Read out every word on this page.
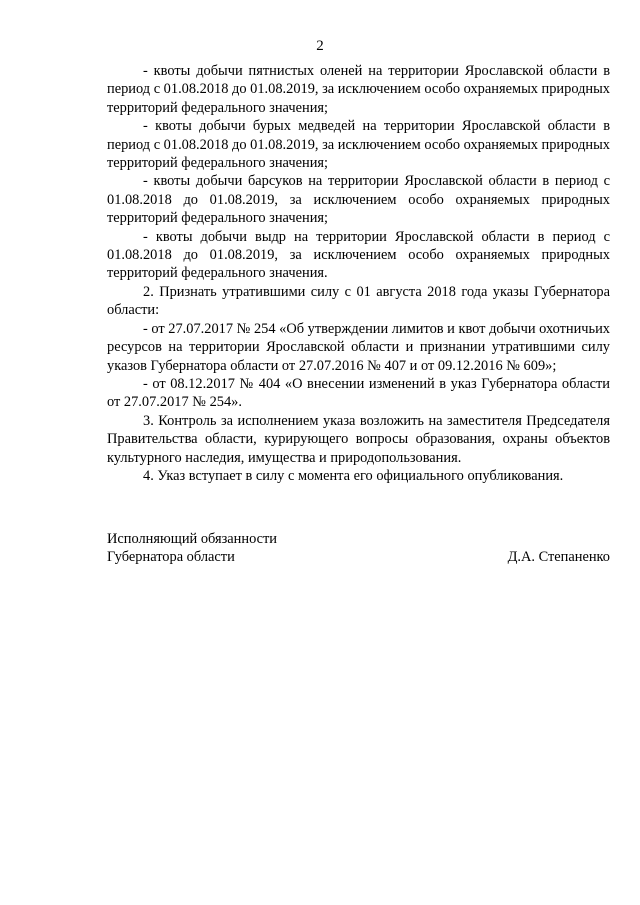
2

- квоты добычи пятнистых оленей на территории Ярославской области в период с 01.08.2018 до 01.08.2019, за исключением особо охраняемых природных территорий федерального значения;

- квоты добычи бурых медведей на территории Ярославской области в период с 01.08.2018 до 01.08.2019, за исключением особо охраняемых природных территорий федерального значения;

- квоты добычи барсуков на территории Ярославской области в период с 01.08.2018 до 01.08.2019, за исключением особо охраняемых природных территорий федерального значения;

- квоты добычи выдр на территории Ярославской области в период с 01.08.2018 до 01.08.2019, за исключением особо охраняемых природных территорий федерального значения.

2. Признать утратившими силу с 01 августа 2018 года указы Губернатора области:

- от 27.07.2017 № 254 «Об утверждении лимитов и квот добычи охотничьих ресурсов на территории Ярославской области и признании утратившими силу указов Губернатора области от 27.07.2016 № 407 и от 09.12.2016 № 609»;

- от 08.12.2017 № 404 «О внесении изменений в указ Губернатора области от 27.07.2017 № 254».

3. Контроль за исполнением указа возложить на заместителя Председателя Правительства области, курирующего вопросы образования, охраны объектов культурного наследия, имущества и природопользования.

4. Указ вступает в силу с момента его официального опубликования.

Исполняющий обязанности
Губернатора области	Д.А. Степаненко
